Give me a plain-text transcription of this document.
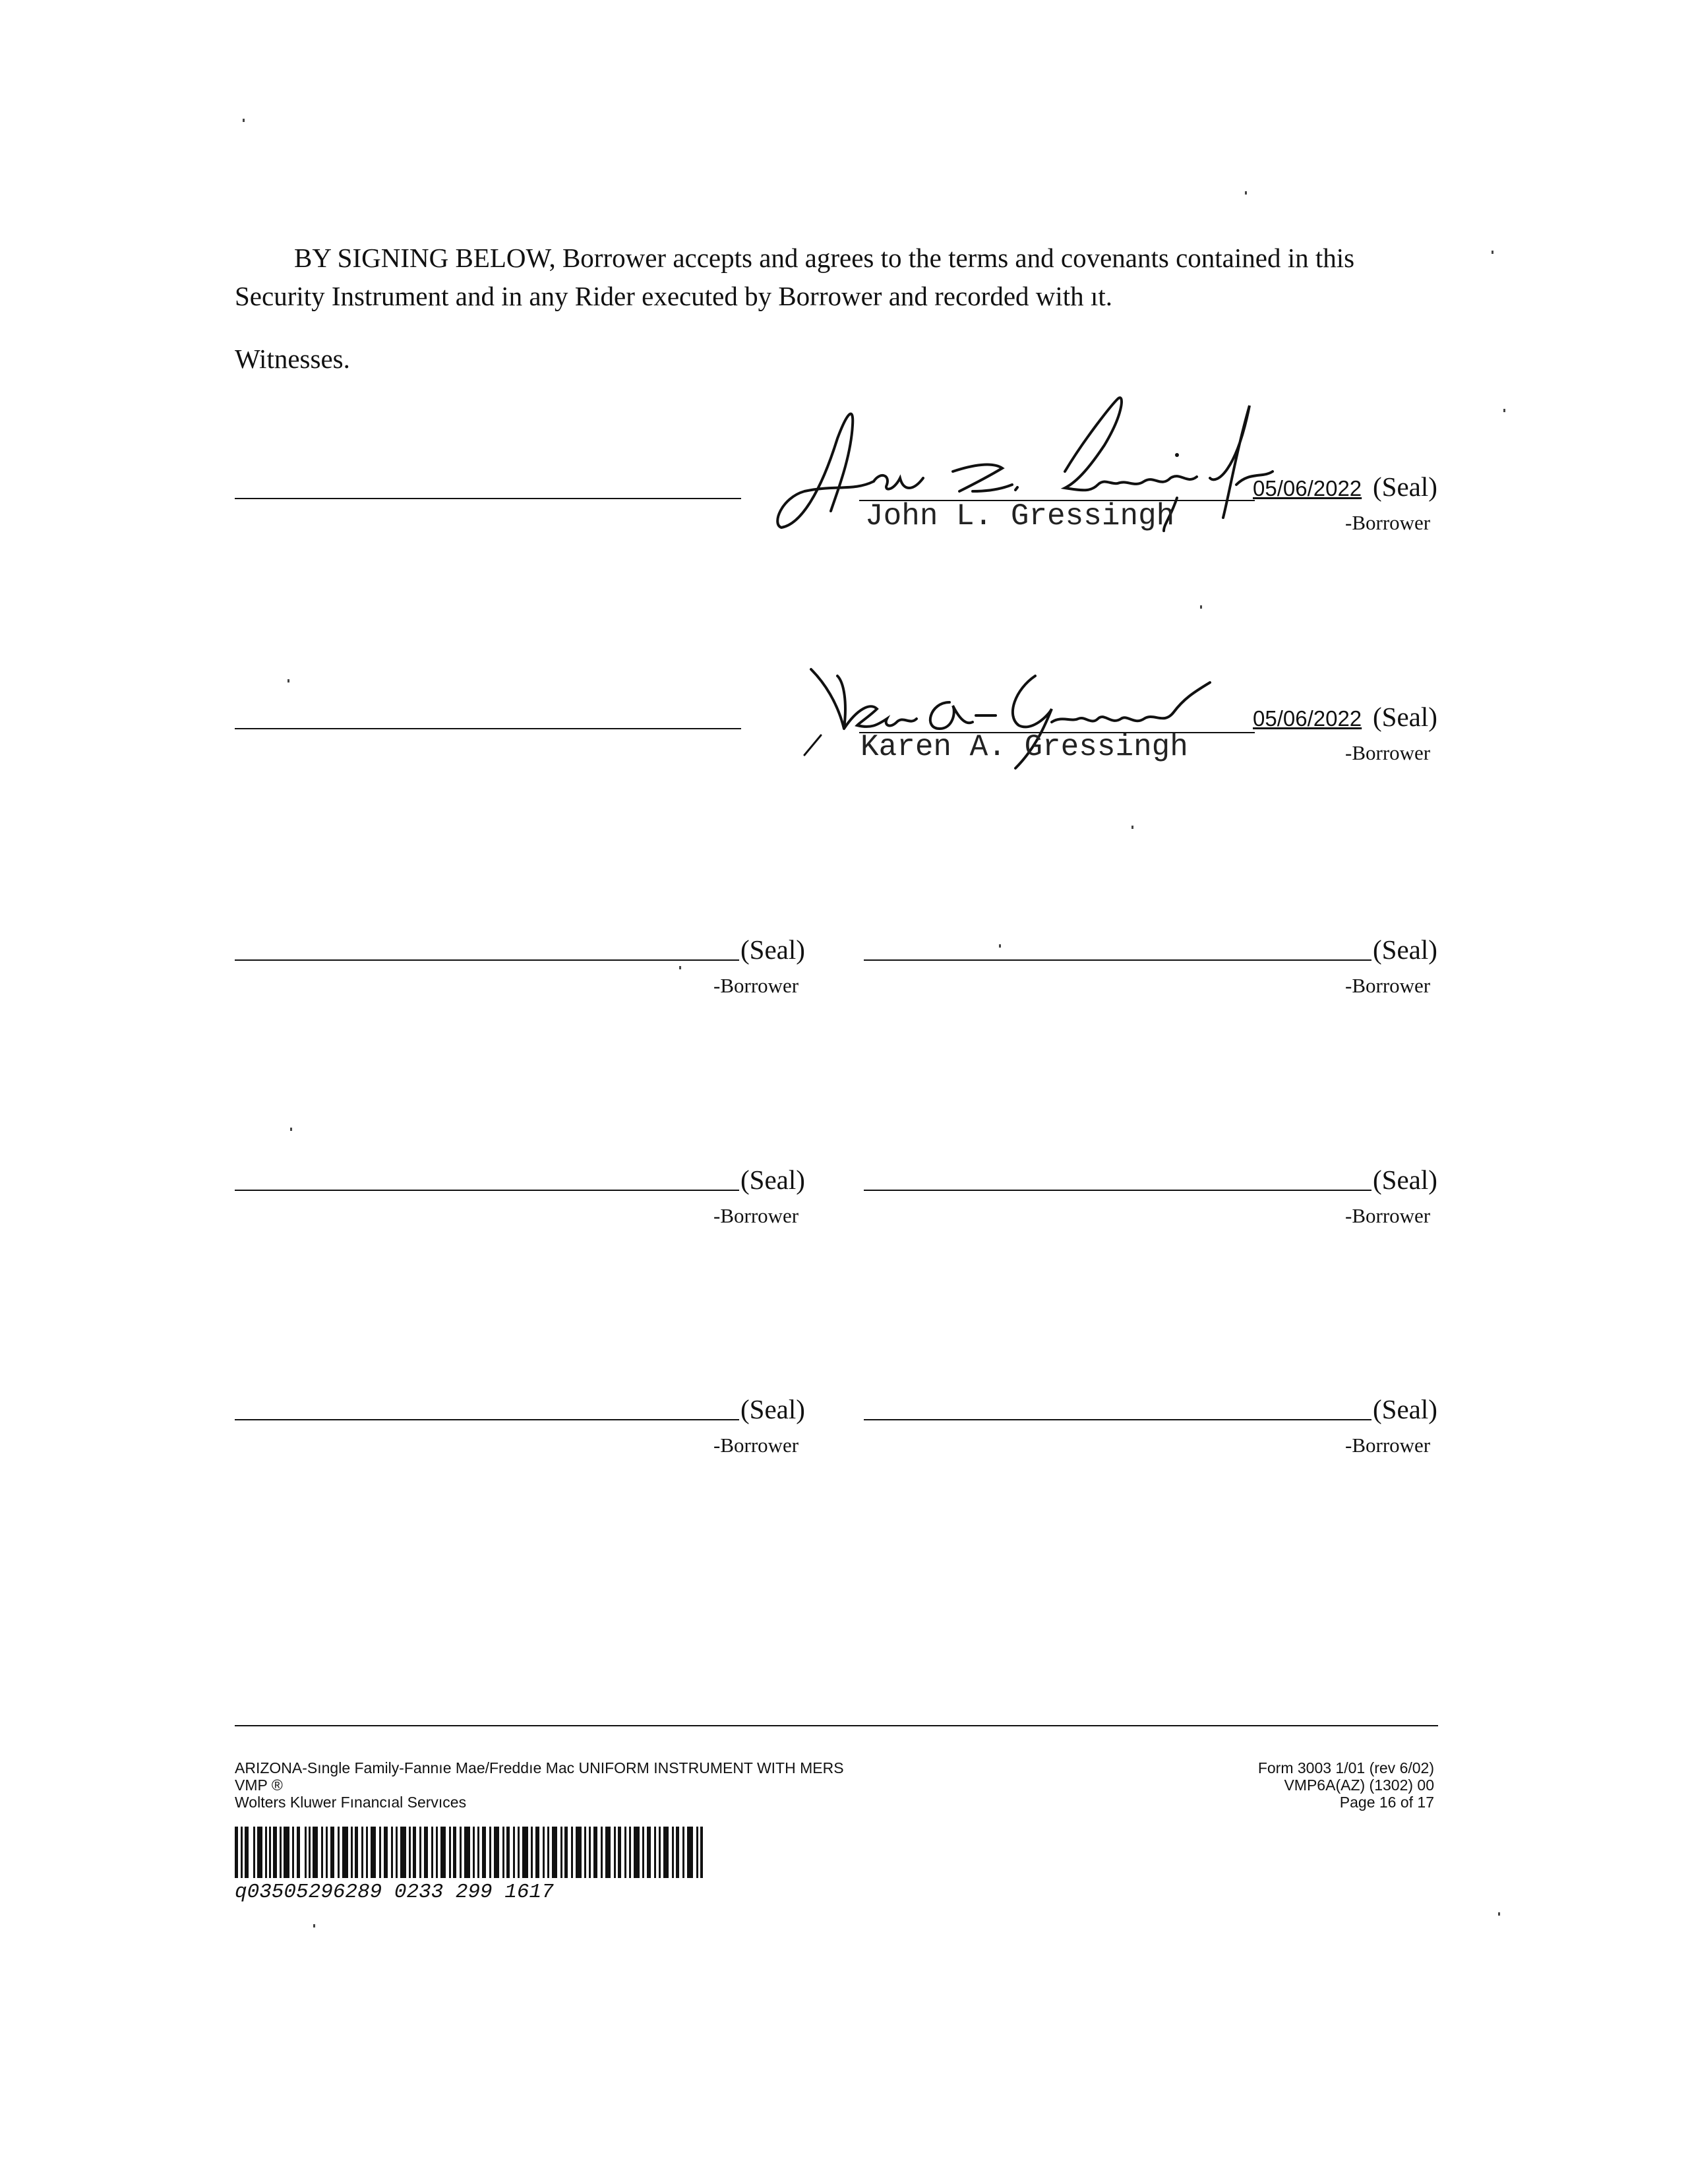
BY SIGNING BELOW, Borrower accepts and agrees to the terms and covenants contained in this

Security Instrument and in any Rider executed by Borrower and recorded with ıt.

Witnesses.
John L. Gressingh
05/06/2022 (Seal)
-Borrower
Karen A. Gressingh
05/06/2022 (Seal)
-Borrower
(Seal)
-Borrower
(Seal)
-Borrower
(Seal)
-Borrower
(Seal)
-Borrower
(Seal)
-Borrower
(Seal)
-Borrower
ARIZONA-Sıngle Family-Fannıe Mae/Freddıe Mac UNIFORM INSTRUMENT WITH MERS
VMP ®
Wolters Kluwer Fınancıal Servıces
Form 3003 1/01 (rev 6/02)
VMP6A(AZ) (1302) 00
Page 16 of 17
q03505296289 0233 299 1617
